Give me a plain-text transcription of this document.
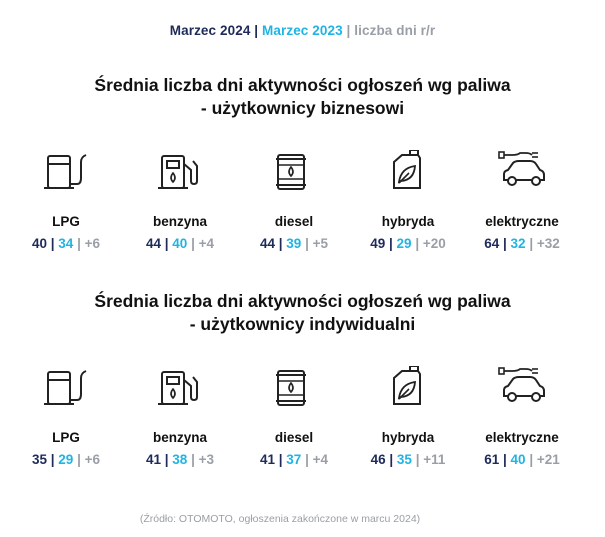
Marzec 2024 | Marzec 2023 | liczba dni r/r
Średnia liczba dni aktywności ogłoszeń wg paliwa
- użytkownicy biznesowi
Średnia liczba dni aktywności ogłoszeń wg paliwa
- użytkownicy indywidualni
LPG
40 | 34 | +6
benzyna
44 | 40 | +4
diesel
44 | 39 | +5
hybryda
49 | 29 | +20
elektryczne
64 | 32 | +32
LPG
35 | 29 | +6
benzyna
41 | 38 | +3
diesel
41 | 37 | +4
hybryda
46 | 35 | +11
elektryczne
61 | 40 | +21
(Źródło: OTOMOTO, ogłoszenia zakończone w marcu 2024)
